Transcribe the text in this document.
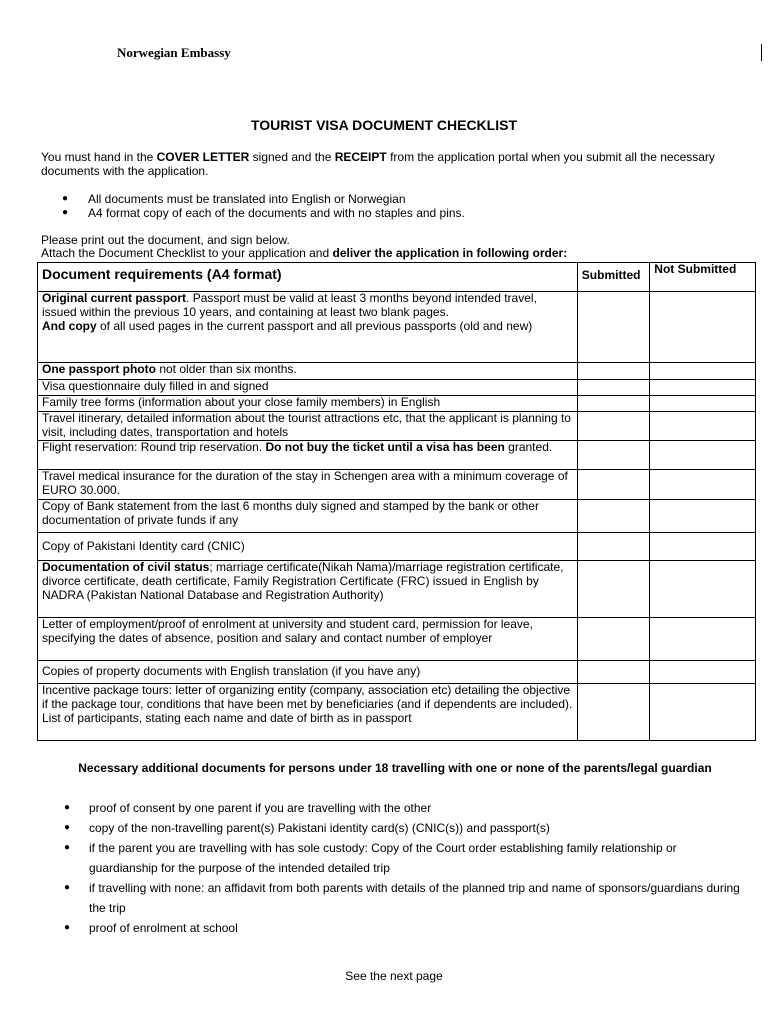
Norwegian Embassy
TOURIST VISA DOCUMENT CHECKLIST
You must hand in the COVER LETTER signed and the RECEIPT from the application portal when you submit all the necessary documents with the application.
● All documents must be translated into English or Norwegian
● A4 format copy of each of the documents and with no staples and pins.
Please print out the document, and sign below.
Attach the Document Checklist to your application and deliver the application in following order:
Document requirements (A4 format)	Submitted	Not Submitted
Original current passport. Passport must be valid at least 3 months beyond intended travel, issued within the previous 10 years, and containing at least two blank pages.
And copy of all used pages in the current passport and all previous passports (old and new)		
One passport photo not older than six months.		
Visa questionnaire duly filled in and signed		
Family tree forms (information about your close family members) in English		
Travel itinerary, detailed information about the tourist attractions etc, that the applicant is planning to visit, including dates, transportation and hotels		
Flight reservation: Round trip reservation. Do not buy the ticket until a visa has been granted.		
Travel medical insurance for the duration of the stay in Schengen area with a minimum coverage of EURO 30.000.		
Copy of Bank statement from the last 6 months duly signed and stamped by the bank or other documentation of private funds if any		
Copy of Pakistani Identity card (CNIC)		
Documentation of civil status; marriage certificate(Nikah Nama)/marriage registration certificate, divorce certificate, death certificate, Family Registration Certificate (FRC) issued in English by NADRA (Pakistan National Database and Registration Authority)		
Letter of employment/proof of enrolment at university and student card, permission for leave, specifying the dates of absence, position and salary and contact number of employer		
Copies of property documents with English translation (if you have any)		
Incentive package tours: letter of organizing entity (company, association etc) detailing the objective if the package tour, conditions that have been met by beneficiaries (and if dependents are included). List of participants, stating each name and date of birth as in passport		
Necessary additional documents for persons under 18 travelling with one or none of the parents/legal guardian
● proof of consent by one parent if you are travelling with the other
● copy of the non-travelling parent(s) Pakistani identity card(s) (CNIC(s)) and passport(s)
● if the parent you are travelling with has sole custody: Copy of the Court order establishing family relationship or guardianship for the purpose of the intended detailed trip
● if travelling with none: an affidavit from both parents with details of the planned trip and name of sponsors/guardians during the trip
● proof of enrolment at school
See the next page
